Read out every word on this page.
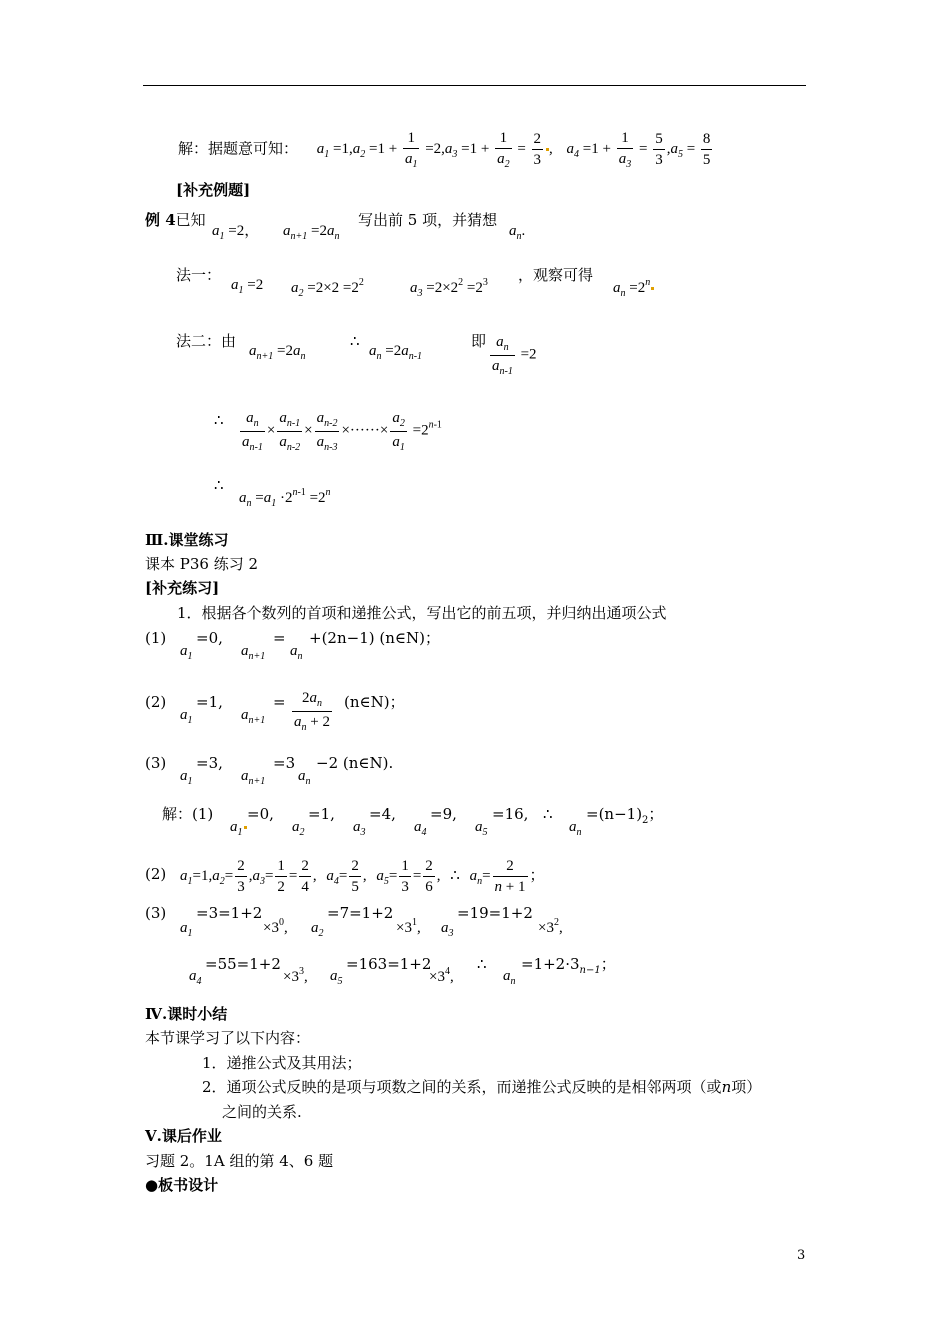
解：据题意可知： $a_1 =1,a_2 =1 + \frac{1}{a_1} =2,a_3 =1 + \frac{1}{a_2} = \frac{2}{3}$ , $a_4 =1 + \frac{1}{a_3} = \frac{5}{3} ,a_5 = \frac{8}{5}$
[补充例题]
例 4已知
$a_1 =2$， $a_{n+1} =2a_n$
写出前 5 项，并猜想
$a_n$.
法一：
$a_1 =2$ $a_2 =2\times 2 =2^2$	$a_3 =2\times 2^2 =2^3$ ，观察可得
$a_n =2^n$
法二：由
$a_{n+1} =2a_n$
∴
$a_n =2a_{n-1}$
即 $\frac{a_n}{a_{n-1}} =2$
∴ $\frac{a_n}{a_{n-1}} \times \frac{a_{n-1}}{a_{n-2}} \times \frac{a_{n-2}}{a_{n-3}}$ ×······× $\frac{a_2}{a_1} =2^{n-1}$
∴
$a_n =a_1 \cdot 2^{n-1} =2^n$
Ⅲ.课堂练习
课本 P36 练习 2
[补充练习]
1．根据各个数列的首项和递推公式，写出它的前五项，并归纳出通项公式
(1)
$a_1$
=0,
$a_{n+1}$
=
$a_n$
+(2n−1) (n∈N)；
(2)
$a_1$
=1,
$a_{n+1}$
= $\frac{2a_n}{a_n + 2}$ (n∈N)；
(3)
$a_1$
=3,
$a_{n+1}$
=3
$a_n$
−2 (n∈N).
解：(1)
$a_1$
=0,
$a_2$
=1,
$a_3$
=4,
$a_4$
=9,
$a_5$
=16, ∴
$a_n$
$=(n-1)_2$；
(2) $a_1=1,a_2= \frac{2}{3} ,a_3= \frac{1}{2} = \frac{2}{4}$ , $a_4= \frac{2}{5}$ , $a_5= \frac{1}{3} = \frac{2}{6}$ , ∴ $a_n= \frac{2}{n + 1}$ ；
(3)
$a_1$
=3=1+2
$\times 3^0$, $a_2$
=7=1+2
$\times 3^1$, $a_3$
=19=1+2
$\times 3^2$,
$a_4$
=55=1+2
$\times 3^3$, $a_5$
=163=1+2
$\times 3^4$,
∴
$a_n$
$=1+2\cdot 3_{n-1}$；
Ⅳ.课时小结
本节课学习了以下内容：
1．递推公式及其用法；
2．通项公式反映的是项与项数之间的关系，而递推公式反映的是相邻两项（或n项）
之间的关系.
Ⅴ.课后作业
习题 2。1A 组的第 4、6 题
●板书设计
3
